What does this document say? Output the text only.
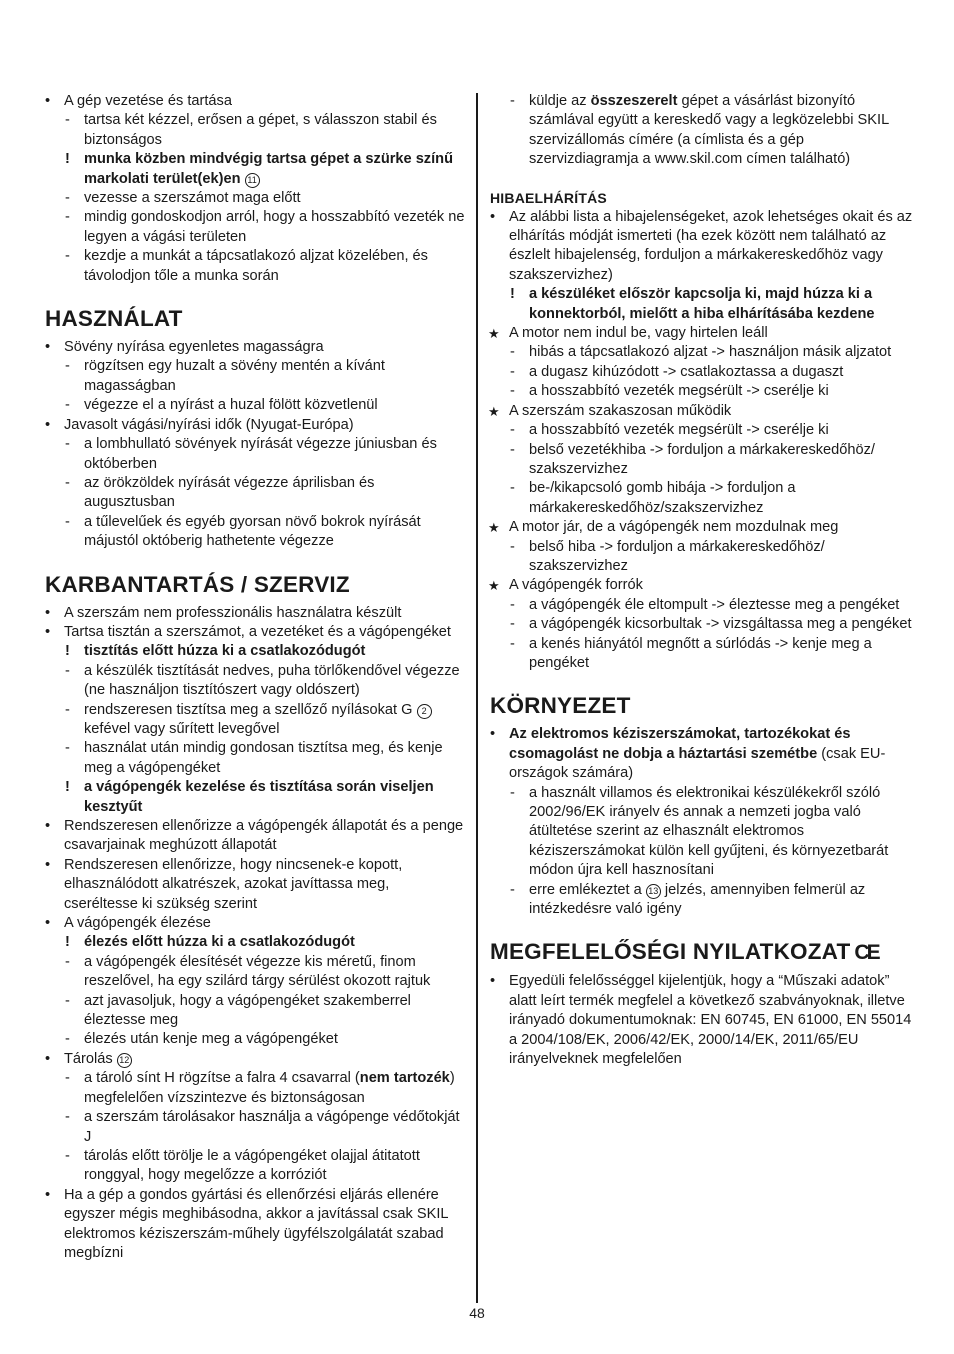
• A gép vezetése és tartása
- tartsa két kézzel, erősen a gépet, s válasszon stabil és biztonságos
! munka közben mindvégig tartsa gépet a szürke színű markolati terület(ek)en 11
- vezesse a szerszámot maga előtt
- mindig gondoskodjon arról, hogy a hosszabbító vezeték ne legyen a vágási területen
- kezdje a munkát a tápcsatlakozó aljzat közelében, és távolodjon tőle a munka során
HASZNÁLAT
• Sövény nyírása egyenletes magasságra
- rögzítsen egy huzalt a sövény mentén a kívánt magasságban
- végezze el a nyírást a huzal fölött közvetlenül
• Javasolt vágási/nyírási idők (Nyugat-Európa)
- a lombhullató sövények nyírását végezze júniusban és októberben
- az örökzöldek nyírását végezze áprilisban és augusztusban
- a tűlevelűek és egyéb gyorsan növő bokrok nyírását májustól októberig hathetente végezze
KARBANTARTÁS / SZERVIZ
• A szerszám nem professzionális használatra készült
• Tartsa tisztán a szerszámot, a vezetéket és a vágópengéket
! tisztítás előtt húzza ki a csatlakozódugót
- a készülék tisztítását nedves, puha törlőkendővel végezze (ne használjon tisztítószert vagy oldószert)
- rendszeresen tisztítsa meg a szellőző nyílásokat G 2 kefével vagy sűrített levegővel
- használat után mindig gondosan tisztítsa meg, és kenje meg a vágópengéket
! a vágópengék kezelése és tisztítása során viseljen kesztyűt
• Rendszeresen ellenőrizze a vágópengék állapotát és a penge csavarjainak meghúzott állapotát
• Rendszeresen ellenőrizze, hogy nincsenek-e kopott, elhasználódott alkatrészek, azokat javíttassa meg, cseréltesse ki szükség szerint
• A vágópengék élezése
! élezés előtt húzza ki a csatlakozódugót
- a vágópengék élesítését végezze kis méretű, finom reszelővel, ha egy szilárd tárgy sérülést okozott rajtuk
- azt javasoljuk, hogy a vágópengéket szakemberrel éleztesse meg
- élezés után kenje meg a vágópengéket
• Tárolás 12
- a tároló sínt H rögzítse a falra 4 csavarral (nem tartozék) megfelelően vízszintezve és biztonságosan
- a szerszám tárolásakor használja a vágópenge védőtokját J
- tárolás előtt törölje le a vágópengéket olajjal átitatott ronggyal, hogy megelőzze a korróziót
• Ha a gép a gondos gyártási és ellenőrzési eljárás ellenére egyszer mégis meghibásodna, akkor a javítással csak SKIL elektromos kéziszerszám-műhely ügyfélszolgálatát szabad megbízni
- küldje az összeszerelt gépet a vásárlást bizonyító számlával együtt a kereskedő vagy a legközelebbi SKIL szervizállomás címére (a címlista és a gép szervizdiagramja a www.skil.com címen található)
HIBAELHÁRÍTÁS
• Az alábbi lista a hibajelenségeket, azok lehetséges okait és az elhárítás módját ismerteti (ha ezek között nem található az észlelt hibajelenség, forduljon a márkakereskedőhöz vagy szakszervizhez)
! a készüléket először kapcsolja ki, majd húzza ki a konnektorból, mielőtt a hiba elhárításába kezdene
★ A motor nem indul be, vagy hirtelen leáll
- hibás a tápcsatlakozó aljzat -> használjon másik aljzatot
- a dugasz kihúzódott -> csatlakoztassa a dugaszt
- a hosszabbító vezeték megsérült -> cserélje ki
★ A szerszám szakaszosan működik
- a hosszabbító vezeték megsérült -> cserélje ki
- belső vezetékhiba -> forduljon a márkakereskedőhöz/ szakszervizhez
- be-/kikapcsoló gomb hibája -> forduljon a márkakereskedőhöz/szakszervizhez
★ A motor jár, de a vágópengék nem mozdulnak meg
- belső hiba -> forduljon a márkakereskedőhöz/ szakszervizhez
★ A vágópengék forrók
- a vágópengék éle eltompult -> éleztesse meg a pengéket
- a vágópengék kicsorbultak -> vizsgáltassa meg a pengéket
- a kenés hiányától megnőtt a súrlódás -> kenje meg a pengéket
KÖRNYEZET
• Az elektromos kéziszerszámokat, tartozékokat és csomagolást ne dobja a háztartási szemétbe (csak EU-országok számára)
- a használt villamos és elektronikai készülékekről szóló 2002/96/EK irányelv és annak a nemzeti jogba való átültetése szerint az elhasznált elektromos kéziszerszámokat külön kell gyűjteni, és környezetbarát módon újra kell hasznosítani
- erre emlékeztet a 13 jelzés, amennyiben felmerül az intézkedésre való igény
MEGFELELŐSÉGI NYILATKOZAT CE
• Egyedüli felelősséggel kijelentjük, hogy a “Műszaki adatok” alatt leírt termék megfelel a következő szabványoknak, illetve irányadó dokumentumoknak: EN 60745, EN 61000, EN 55014 a 2004/108/EK, 2006/42/EK, 2000/14/EK, 2011/65/EU irányelveknek megfelelően
48
